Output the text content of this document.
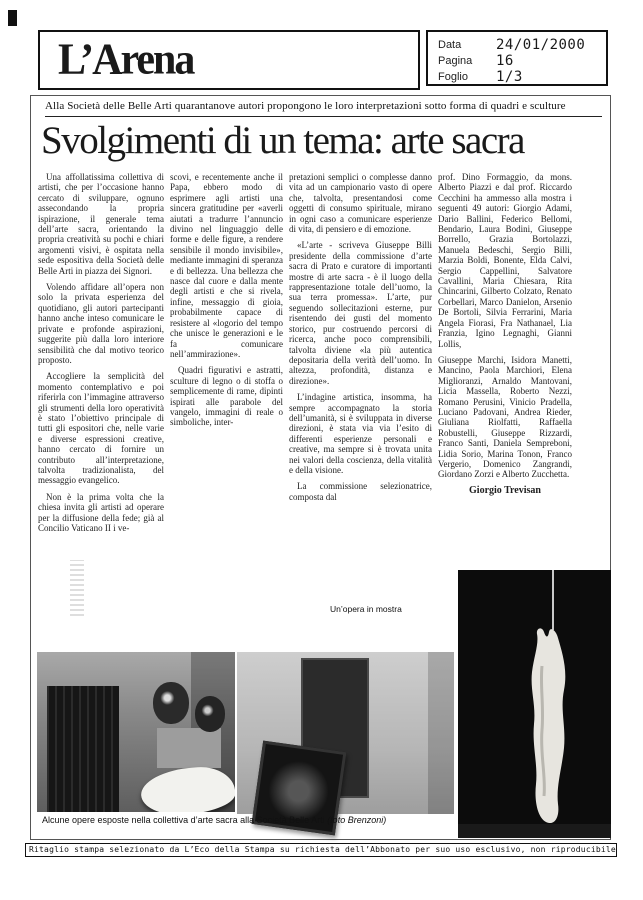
L’Arena	Data	24/01/2000
Pagina	16
Foglio	1/3
Alla Società delle Belle Arti quarantanove autori propongono le loro interpretazioni sotto forma di quadri e sculture
Svolgimenti di un tema: arte sacra

Una affollatissima collettiva di artisti, che per l’occasione hanno cercato di sviluppare, ognuno assecondando la propria ispirazione, il generale tema dell’arte sacra, orientando la propria creatività su pochi e chiari argomenti visivi, è ospitata nella sede espositiva della Società delle Belle Arti in piazza dei Signori.

Volendo affidare all’opera non solo la privata esperienza del quotidiano, gli autori partecipanti hanno anche inteso comunicare le private e profonde aspirazioni, suggerite più dalla loro interiore sensibilità che dal motivo teorico proposto.

Accogliere la semplicità del momento contemplativo e poi riferirla con l’immagine attraverso gli strumenti della loro operatività è stato l’obiettivo principale di tutti gli espositori che, nelle varie e diverse espressioni creative, hanno cercato di fornire un contributo all’interpretazione, talvolta tradizionalista, del messaggio evangelico.

Non è la prima volta che la chiesa invita gli artisti ad operare per la diffusione della fede; già al Concilio Vaticano II i ve-

scovi, e recentemente anche il Papa, ebbero modo di esprimere agli artisti una sincera gratitudine per «averli aiutati a tradurre l’annuncio divino nel linguaggio delle forme e delle figure, a rendere sensibile il mondo invisibile», mediante immagini di speranza e di bellezza. Una bellezza che nasce dal cuore e dalla mente degli artisti e che si rivela, infine, messaggio di gioia, probabilmente capace di resistere al «logorio del tempo che unisce le generazioni e le fa comunicare nell’ammirazione».

Quadri figurativi e astratti, sculture di legno o di stoffa o semplicemente di rame, dipinti ispirati alle parabole del vangelo, immagini di reale o simboliche, inter-

pretazioni semplici o complesse danno vita ad un campionario vasto di opere che, talvolta, presentandosi come oggetti di consumo spirituale, mirano in ogni caso a comunicare esperienze di vita, di pensiero e di emozione.

«L’arte - scriveva Giuseppe Billi presidente della commissione d’arte sacra di Prato e curatore di importanti mostre di arte sacra - è il luogo della rappresentazione totale dell’uomo, la sua terra promessa». L’arte, pur seguendo sollecitazioni esterne, pur risentendo dei gusti del momento storico, pur costruendo percorsi di ricerca, anche poco comprensibili, talvolta diviene «la più autentica depositaria della verità dell’uomo. In altezza, profondità, distanza e direzione».

L’indagine artistica, insomma, ha sempre accompagnato la storia dell’umanità, si è sviluppata in diverse direzioni, è stata via via l’esito di differenti esperienze personali e creative, ma sempre si è trovata unita nei valori della coscienza, della vitalità e della visione.

La commissione selezionatrice, composta dal

prof. Dino Formaggio, da mons. Alberto Piazzi e dal prof. Riccardo Cecchini ha ammesso alla mostra i seguenti 49 autori: Giorgio Adami, Dario Ballini, Federico Bellomi, Bendario, Laura Bodini, Giuseppe Borrello, Grazia Bortolazzi, Manuela Bedeschi, Sergio Billi, Marzia Boldi, Bonente, Elda Calvi, Sergio Cappellini, Salvatore Cavallini, Maria Chiesara, Rita Chincarini, Gilberto Colzato, Renato Corbellari, Marco Danielon, Arsenio De Bortoli, Silvia Ferrarini, Maria Angela Fiorasi, Fra Nathanael, Lia Franzia, Igino Legnaghi, Gianni Lollis,

Giuseppe Marchi, Isidora Manetti, Mancino, Paola Marchiori, Elena Miglioranzi, Arnaldo Mantovani, Licia Massella, Roberto Nezzi, Romano Perusini, Vinicio Pradella, Luciano Padovani, Andrea Rieder, Giuliana Riolfatti, Raffaella Robustelli, Giuseppe Rizzardi, Franco Santi, Daniela Sempreboni, Lidia Sorio, Marina Tonon, Franco Vergerio, Domenico Zangrandi, Giordano Zorzi e Alberto Zucchetta.

Giorgio Trevisan

Un’opera in mostra
Alcune opere esposte nella collettiva d’arte sacra alla Società Belle Arti (foto Brenzoni)
Ritaglio stampa selezionato da L’Eco della Stampa su richiesta dell’Abbonato per suo uso esclusivo, non riproducibile
